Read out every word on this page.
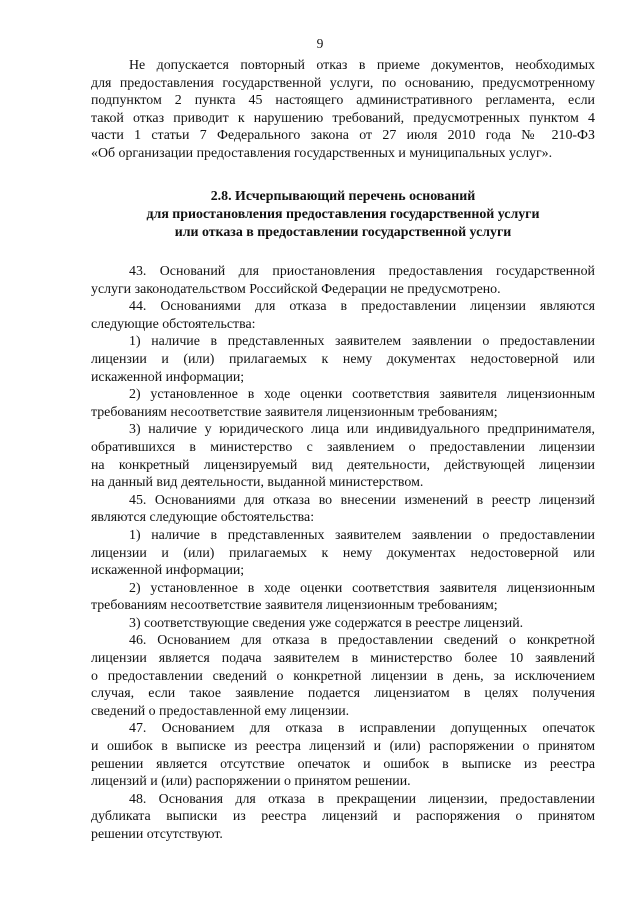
9
Не допускается повторный отказ в приеме документов, необходимых
для предоставления государственной услуги, по основанию, предусмотренному
подпунктом 2 пункта 45 настоящего административного регламента, если
такой отказ приводит к нарушению требований, предусмотренных пунктом 4
части 1 статьи 7 Федерального закона от 27 июля 2010 года № 210-ФЗ
«Об организации предоставления государственных и муниципальных услуг».
2.8. Исчерпывающий перечень оснований
для приостановления предоставления государственной услуги
или отказа в предоставлении государственной услуги
43. Оснований для приостановления предоставления государственной
услуги законодательством Российской Федерации не предусмотрено.
44. Основаниями для отказа в предоставлении лицензии являются
следующие обстоятельства:
1) наличие в представленных заявителем заявлении о предоставлении
лицензии и (или) прилагаемых к нему документах недостоверной или
искаженной информации;
2) установленное в ходе оценки соответствия заявителя лицензионным
требованиям несоответствие заявителя лицензионным требованиям;
3) наличие у юридического лица или индивидуального предпринимателя,
обратившихся в министерство с заявлением о предоставлении лицензии
на конкретный лицензируемый вид деятельности, действующей лицензии
на данный вид деятельности, выданной министерством.
45. Основаниями для отказа во внесении изменений в реестр лицензий
являются следующие обстоятельства:
1) наличие в представленных заявителем заявлении о предоставлении
лицензии и (или) прилагаемых к нему документах недостоверной или
искаженной информации;
2) установленное в ходе оценки соответствия заявителя лицензионным
требованиям несоответствие заявителя лицензионным требованиям;
3) соответствующие сведения уже содержатся в реестре лицензий.
46. Основанием для отказа в предоставлении сведений о конкретной
лицензии является подача заявителем в министерство более 10 заявлений
о предоставлении сведений о конкретной лицензии в день, за исключением
случая, если такое заявление подается лицензиатом в целях получения
сведений о предоставленной ему лицензии.
47. Основанием для отказа в исправлении допущенных опечаток
и ошибок в выписке из реестра лицензий и (или) распоряжении о принятом
решении является отсутствие опечаток и ошибок в выписке из реестра
лицензий и (или) распоряжении о принятом решении.
48. Основания для отказа в прекращении лицензии, предоставлении
дубликата выписки из реестра лицензий и распоряжения о принятом
решении отсутствуют.
